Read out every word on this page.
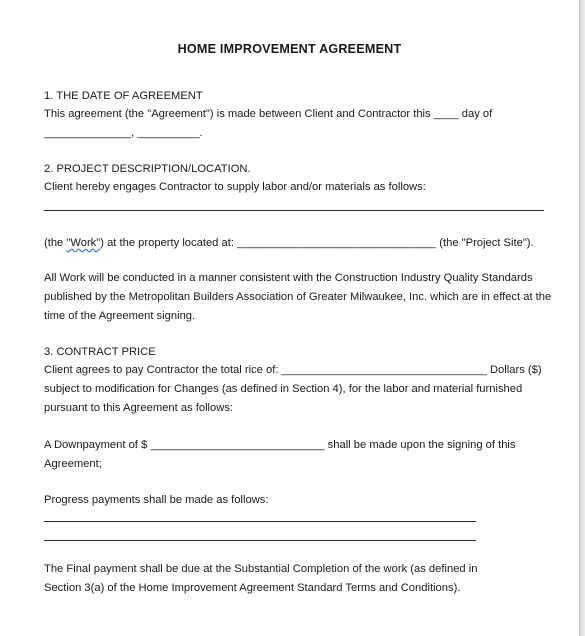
HOME IMPROVEMENT AGREEMENT
1. THE DATE OF AGREEMENT
This agreement (the "Agreement") is made between Client and Contractor this ____ day of
______________, __________.
2. PROJECT DESCRIPTION/LOCATION.
Client hereby engages Contractor to supply labor and/or materials as follows:
(the "Work") at the property located at: ________________________________ (the "Project Site").
All Work will be conducted in a manner consistent with the Construction Industry Quality Standards
published by the Metropolitan Builders Association of Greater Milwaukee, Inc. which are in effect at the
time of the Agreement signing.
3. CONTRACT PRICE
Client agrees to pay Contractor the total rice of: _________________________________ Dollars ($)
subject to modification for Changes (as defined in Section 4), for the labor and material furnished
pursuant to this Agreement as follows:
A Downpayment of $ ____________________________ shall be made upon the signing of this
Agreement;
Progress payments shall be made as follows:
The Final payment shall be due at the Substantial Completion of the work (as defined in
Section 3(a) of the Home Improvement Agreement Standard Terms and Conditions).
